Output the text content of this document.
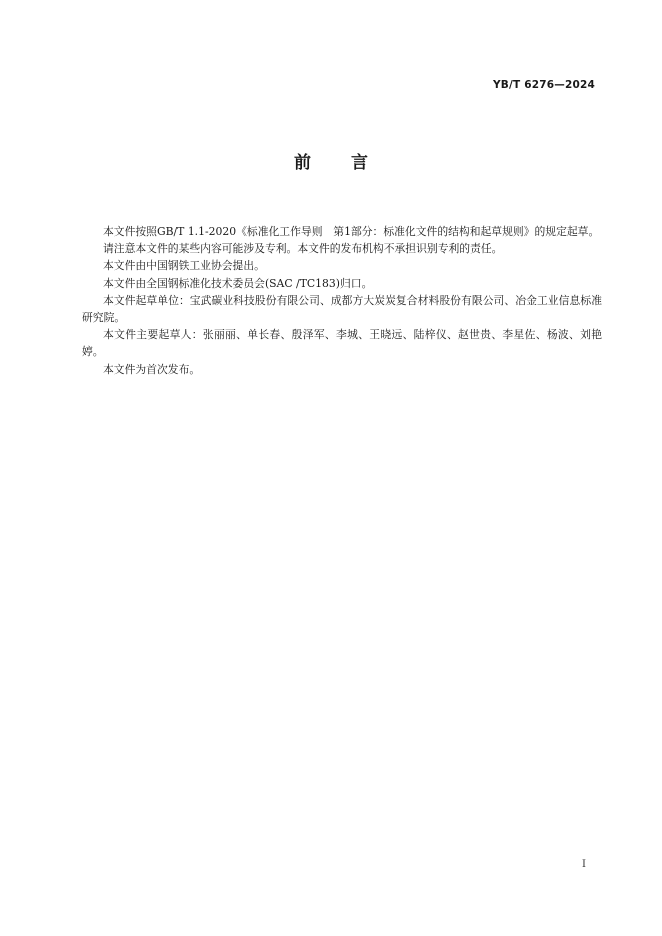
YB/T 6276—2024
前 言

本文件按照GB/T 1.1-2020《标准化工作导则　第1部分：标准化文件的结构和起草规则》的规定起草。

请注意本文件的某些内容可能涉及专利。本文件的发布机构不承担识别专利的责任。

本文件由中国钢铁工业协会提出。

本文件由全国钢标准化技术委员会(SAC /TC183)归口。

本文件起草单位：宝武碳业科技股份有限公司、成都方大炭炭复合材料股份有限公司、冶金工业信息标准研究院。

本文件主要起草人：张丽丽、单长春、殷泽军、李城、王晓远、陆梓仪、赵世贵、李星佐、杨波、刘艳婷。

本文件为首次发布。

I
